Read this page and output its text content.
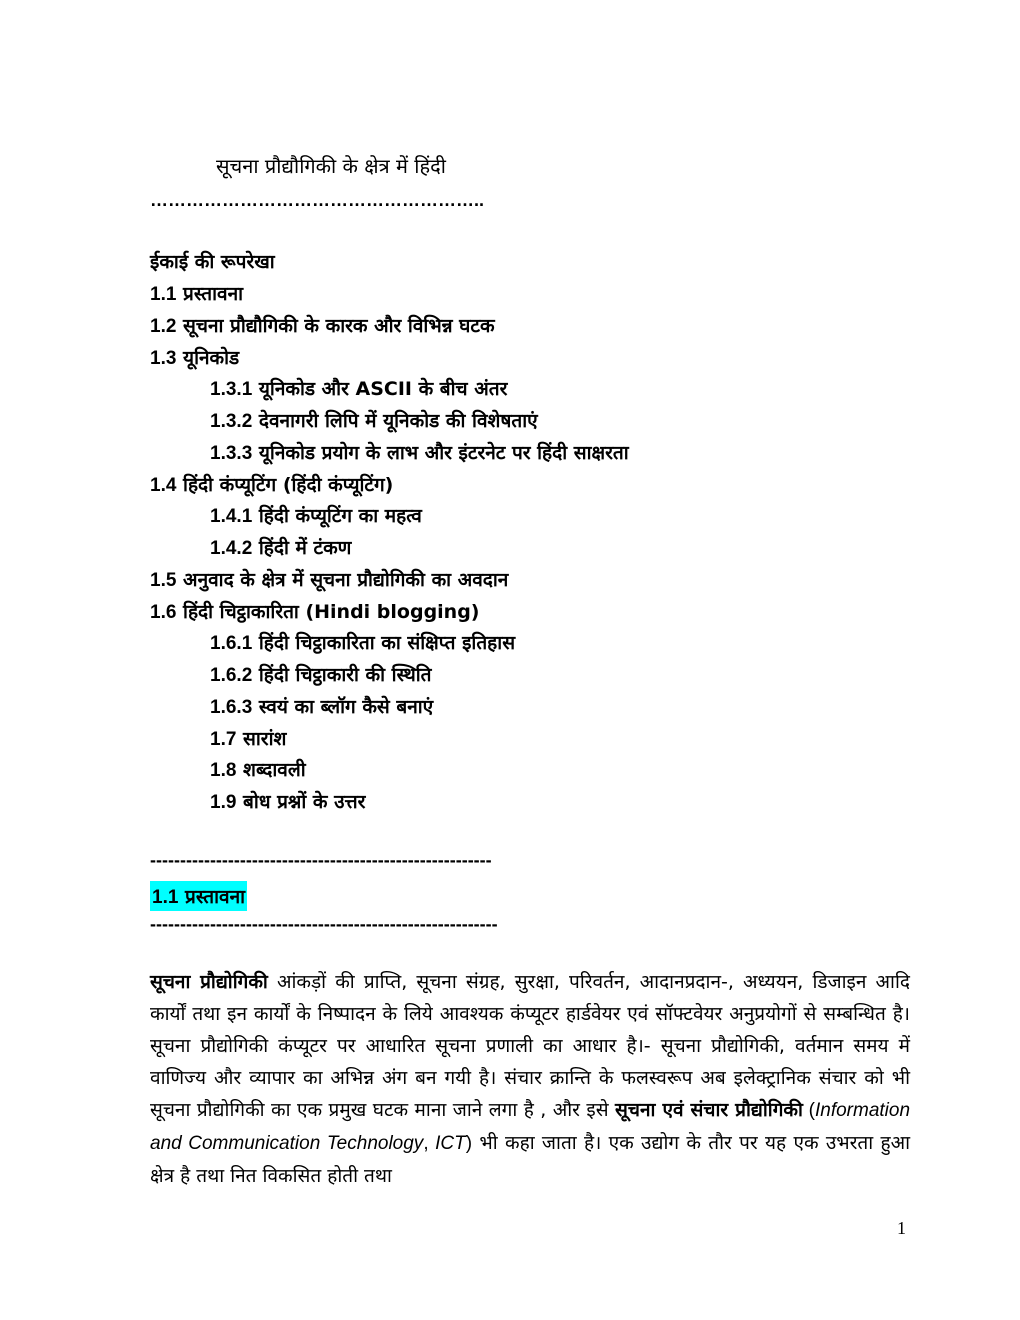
सूचना प्रौद्यौगिकी के क्षेत्र में हिंदी
………………………………………………..
ईकाई की रूपरेखा
1.1 प्रस्तावना
1.2 सूचना प्रौद्यौगिकी के कारक और विभिन्न घटक
1.3 यूनिकोड
1.3.1 यूनिकोड और ASCII के बीच अंतर
1.3.2 देवनागरी लिपि में यूनिकोड की विशेषताएं
1.3.3 यूनिकोड प्रयोग के लाभ और इंटरनेट पर हिंदी साक्षरता
1.4 हिंदी कंप्यूटिंग (हिंदी कंप्यूटिंग)
1.4.1 हिंदी कंप्यूटिंग का महत्व
1.4.2 हिंदी में टंकण
1.5 अनुवाद के क्षेत्र में सूचना प्रौद्योगिकी का अवदान
1.6 हिंदी चिट्ठाकारिता (Hindi blogging)
1.6.1 हिंदी चिट्ठाकारिता का संक्षिप्त इतिहास
1.6.2 हिंदी चिट्ठाकारी की स्थिति
1.6.3 स्वयं का ब्लॉग कैसे बनाएं
1.7 सारांश
1.8 शब्दावली
1.9 बोध प्रश्नों के उत्तर
---------------------------------------------------------
1.1 प्रस्तावना
----------------------------------------------------------
सूचना प्रौद्योगिकी आंकड़ों की प्राप्ति, सूचना संग्रह, सुरक्षा, परिवर्तन, आदानप्रदान-, अध्ययन, डिजाइन आदि कार्यों तथा इन कार्यों के निष्पादन के लिये आवश्यक कंप्यूटर हार्डवेयर एवं सॉफ्टवेयर अनुप्रयोगों से सम्बन्धित है। सूचना प्रौद्योगिकी कंप्यूटर पर आधारित सूचना प्रणाली का आधार है।- सूचना प्रौद्योगिकी, वर्तमान समय में वाणिज्य और व्यापार का अभिन्न अंग बन गयी है। संचार क्रान्ति के फलस्वरूप अब इलेक्ट्रानिक संचार को भी सूचना प्रौद्योगिकी का एक प्रमुख घटक माना जाने लगा है , और इसे सूचना एवं संचार प्रौद्योगिकी (Information and Communication Technology, ICT) भी कहा जाता है। एक उद्योग के तौर पर यह एक उभरता हुआ क्षेत्र है तथा नित विकसित होती तथा
1
